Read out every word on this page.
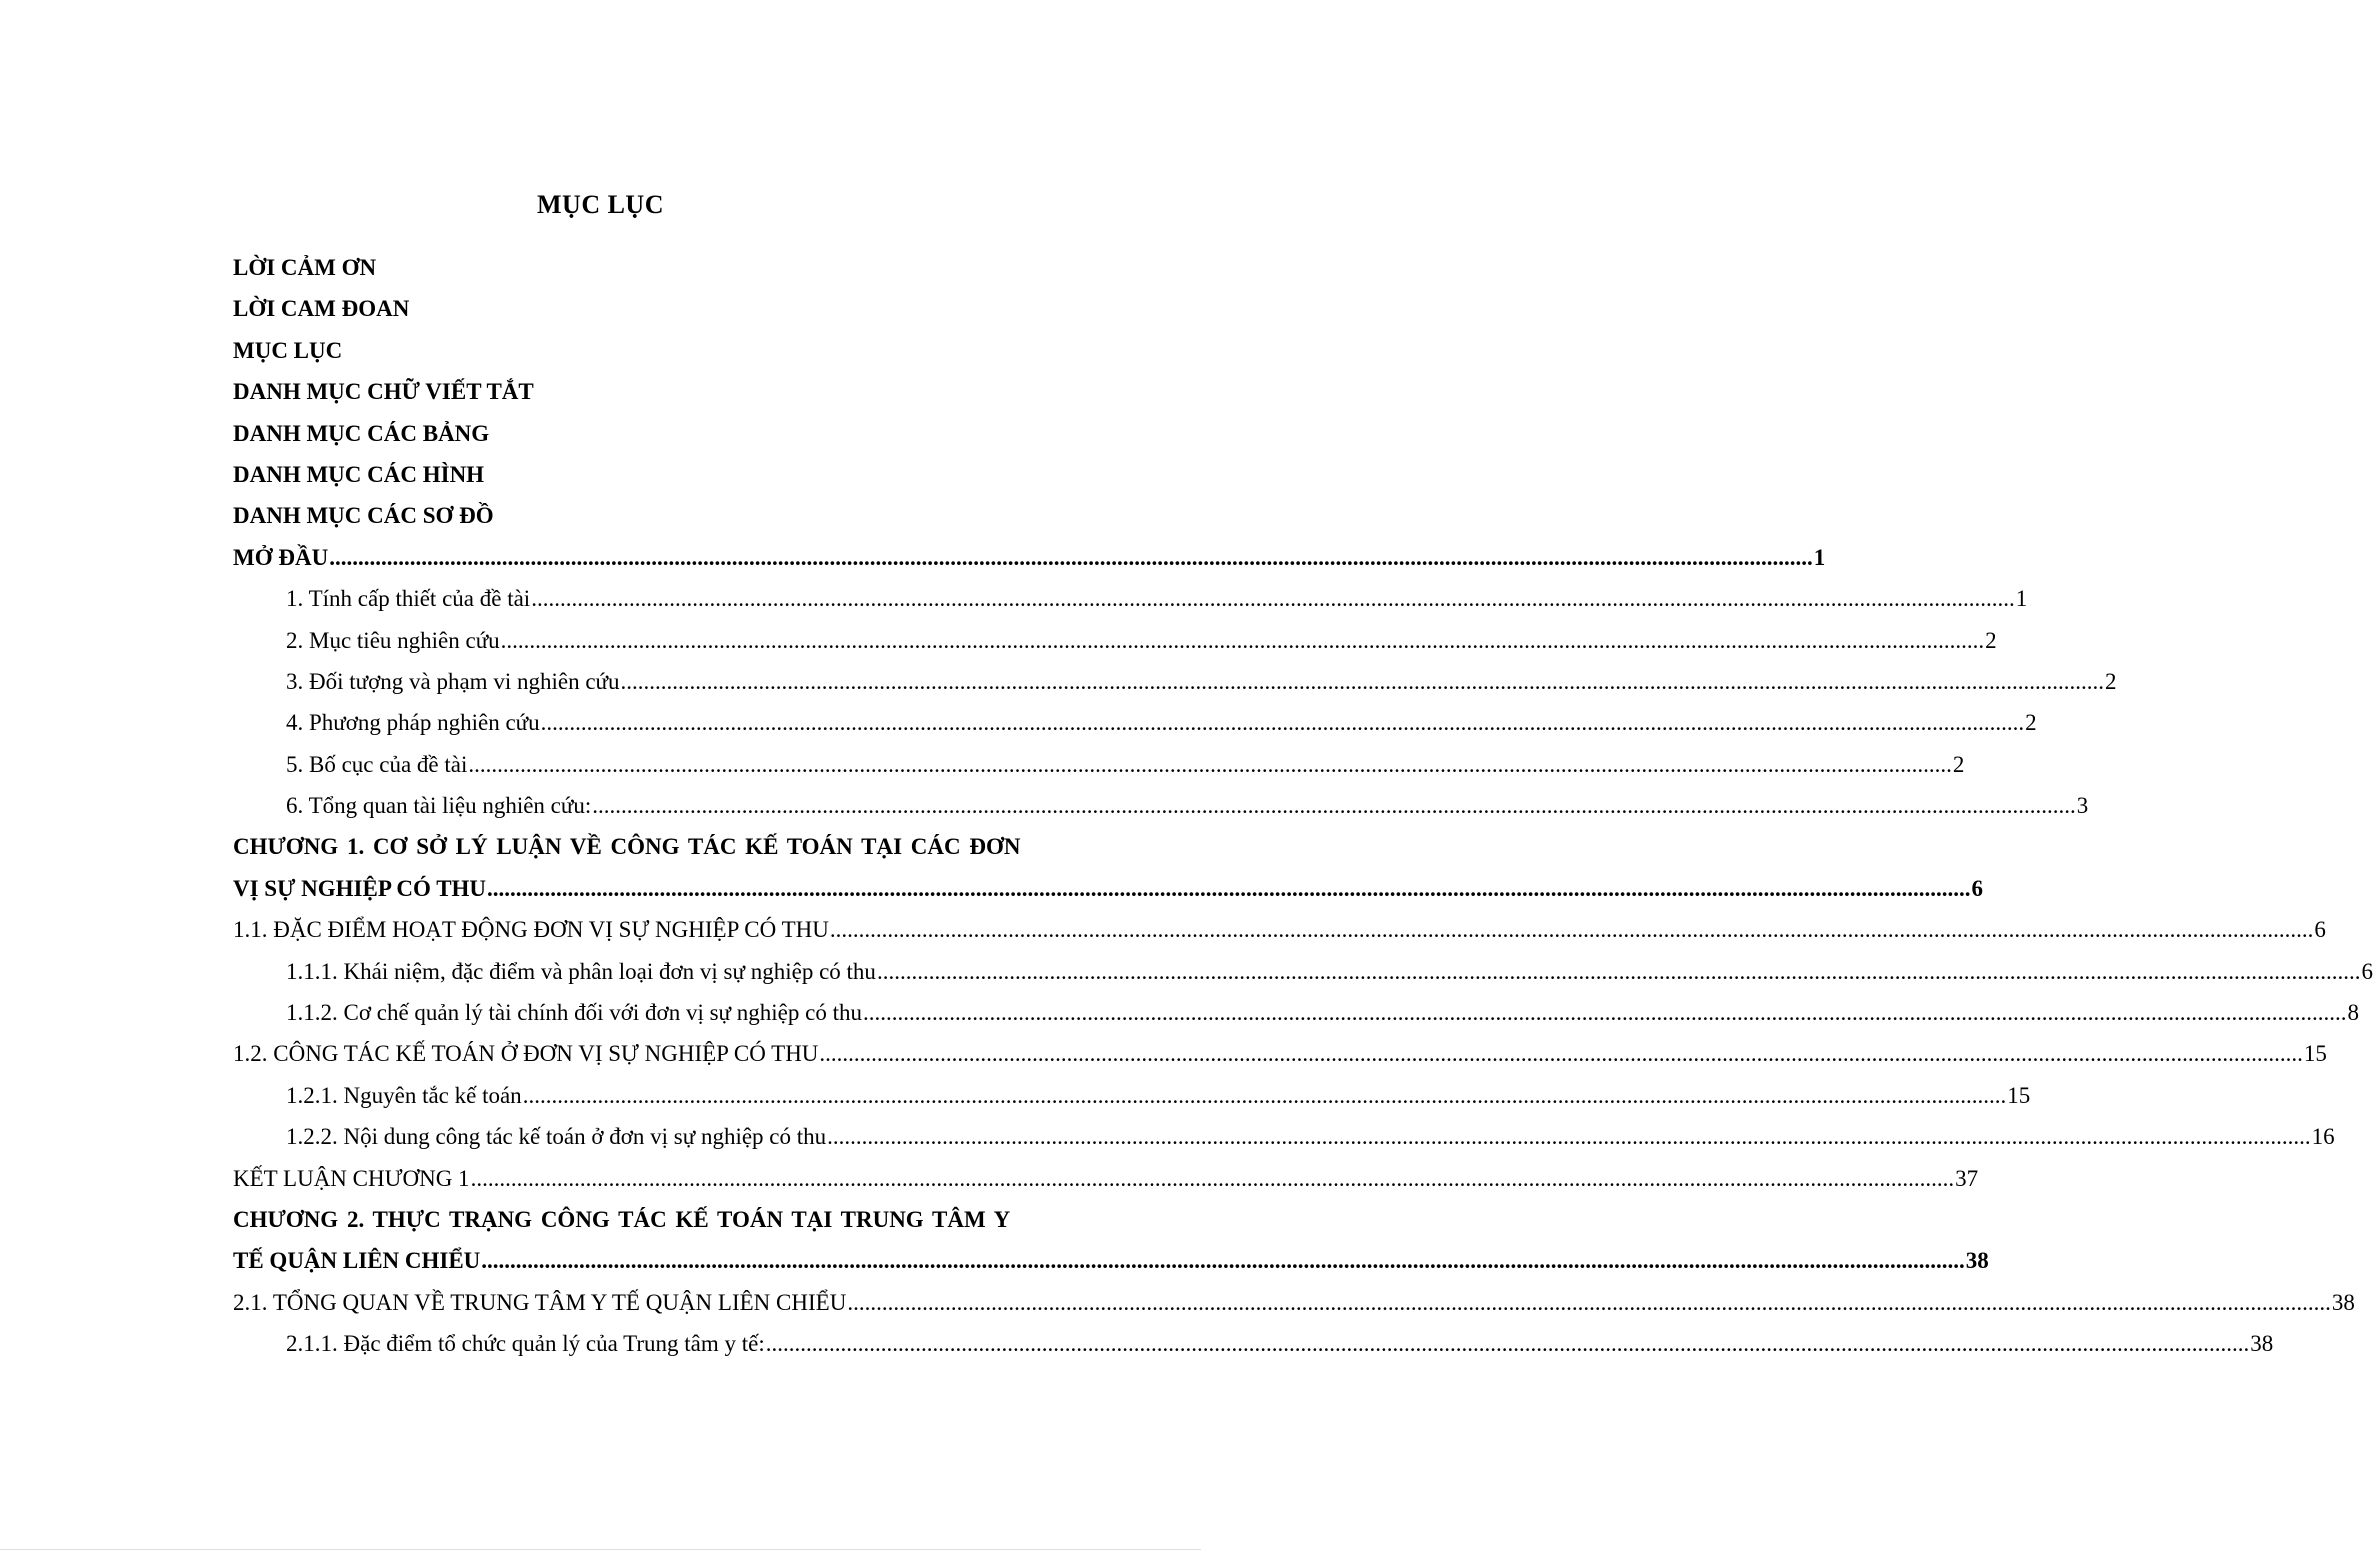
MỤC LỤC
LỜI CẢM ƠN
LỜI CAM ĐOAN
MỤC LỤC
DANH MỤC CHỮ VIẾT TẮT
DANH MỤC CÁC BẢNG
DANH MỤC CÁC HÌNH
DANH MỤC CÁC SƠ ĐỒ
MỞ ĐẦU .................................................................................................................................................................................................................................................................. 1
1. Tính cấp thiết của đề tài .................................................................................................................................................................................................................................................................. 1
2. Mục tiêu nghiên cứu .................................................................................................................................................................................................................................................................. 2
3. Đối tượng và phạm vi nghiên cứu .................................................................................................................................................................................................................................................................. 2
4. Phương pháp nghiên cứu .................................................................................................................................................................................................................................................................. 2
5. Bố cục của đề tài .................................................................................................................................................................................................................................................................. 2
6. Tổng quan tài liệu nghiên cứu: .................................................................................................................................................................................................................................................................. 3
CHƯƠNG 1. CƠ SỞ LÝ LUẬN VỀ CÔNG TÁC KẾ TOÁN TẠI CÁC ĐƠN
VỊ SỰ NGHIỆP CÓ THU .................................................................................................................................................................................................................................................................. 6
1.1. ĐẶC ĐIỂM HOẠT ĐỘNG ĐƠN VỊ SỰ NGHIỆP CÓ THU .................................................................................................................................................................................................................................................................. 6
1.1.1. Khái niệm, đặc điểm và phân loại đơn vị sự nghiệp có thu .................................................................................................................................................................................................................................................................. 6
1.1.2. Cơ chế quản lý tài chính đối với đơn vị sự nghiệp có thu .................................................................................................................................................................................................................................................................. 8
1.2. CÔNG TÁC KẾ TOÁN Ở ĐƠN VỊ SỰ NGHIỆP CÓ THU .................................................................................................................................................................................................................................................................. 15
1.2.1. Nguyên tắc kế toán .................................................................................................................................................................................................................................................................. 15
1.2.2. Nội dung công tác kế toán ở đơn vị sự nghiệp có thu .................................................................................................................................................................................................................................................................. 16
KẾT LUẬN CHƯƠNG 1 .................................................................................................................................................................................................................................................................. 37
CHƯƠNG 2. THỰC TRẠNG CÔNG TÁC KẾ TOÁN TẠI TRUNG TÂM Y
TẾ QUẬN LIÊN CHIỂU .................................................................................................................................................................................................................................................................. 38
2.1. TỔNG QUAN VỀ TRUNG TÂM Y TẾ QUẬN LIÊN CHIỂU .................................................................................................................................................................................................................................................................. 38
2.1.1. Đặc điểm tổ chức quản lý của Trung tâm y tế: .................................................................................................................................................................................................................................................................. 38
